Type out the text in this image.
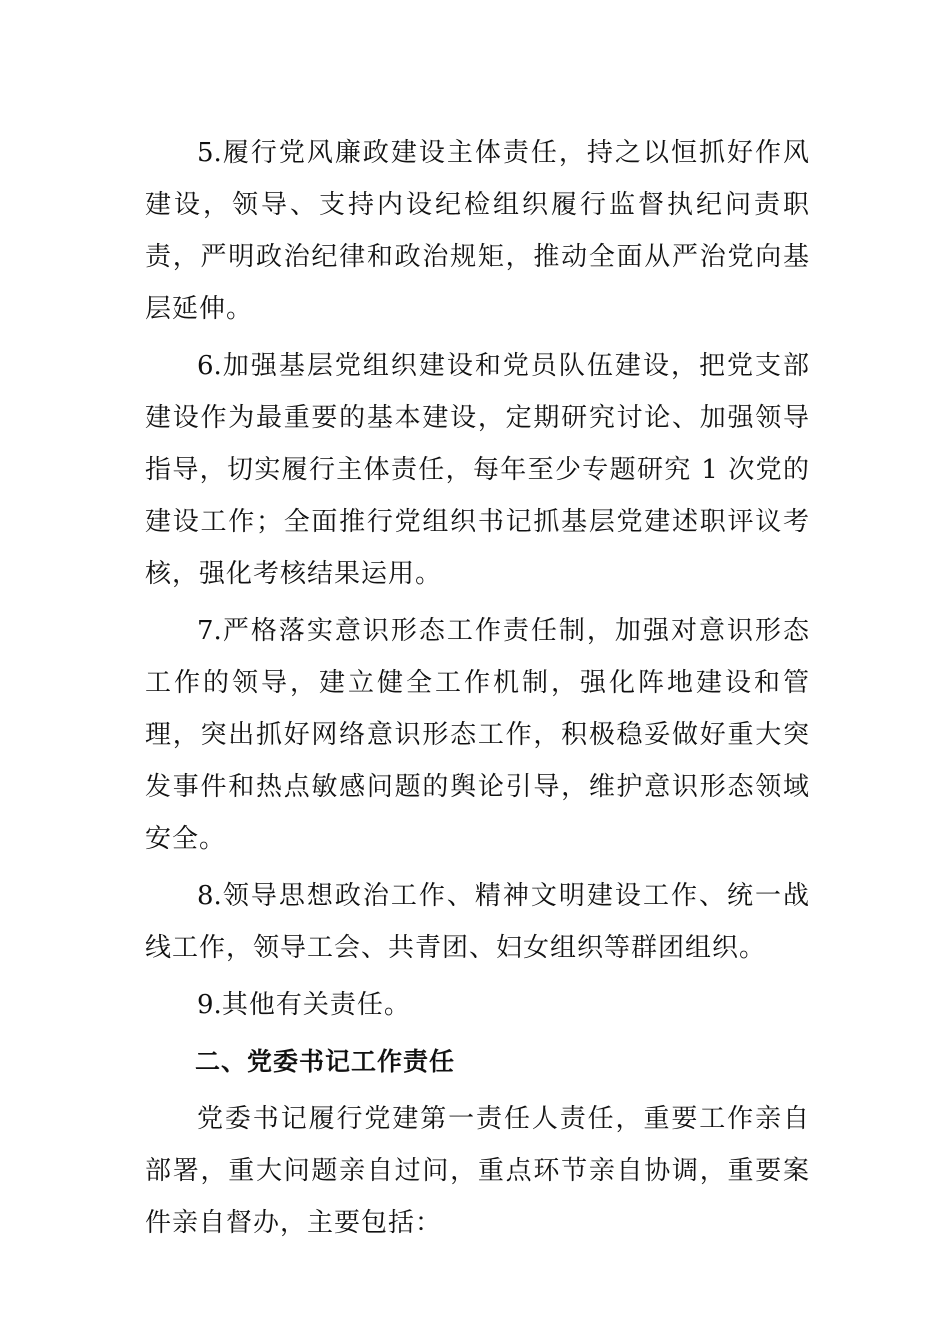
5.履行党风廉政建设主体责任，持之以恒抓好作风建设，领导、支持内设纪检组织履行监督执纪问责职责，严明政治纪律和政治规矩，推动全面从严治党向基层延伸。

6.加强基层党组织建设和党员队伍建设，把党支部建设作为最重要的基本建设，定期研究讨论、加强领导指导，切实履行主体责任，每年至少专题研究 1 次党的建设工作；全面推行党组织书记抓基层党建述职评议考核，强化考核结果运用。

7.严格落实意识形态工作责任制，加强对意识形态工作的领导，建立健全工作机制，强化阵地建设和管理，突出抓好网络意识形态工作，积极稳妥做好重大突发事件和热点敏感问题的舆论引导，维护意识形态领域安全。

8.领导思想政治工作、精神文明建设工作、统一战线工作，领导工会、共青团、妇女组织等群团组织。

9.其他有关责任。

二、党委书记工作责任

党委书记履行党建第一责任人责任，重要工作亲自部署，重大问题亲自过问，重点环节亲自协调，重要案件亲自督办，主要包括：
